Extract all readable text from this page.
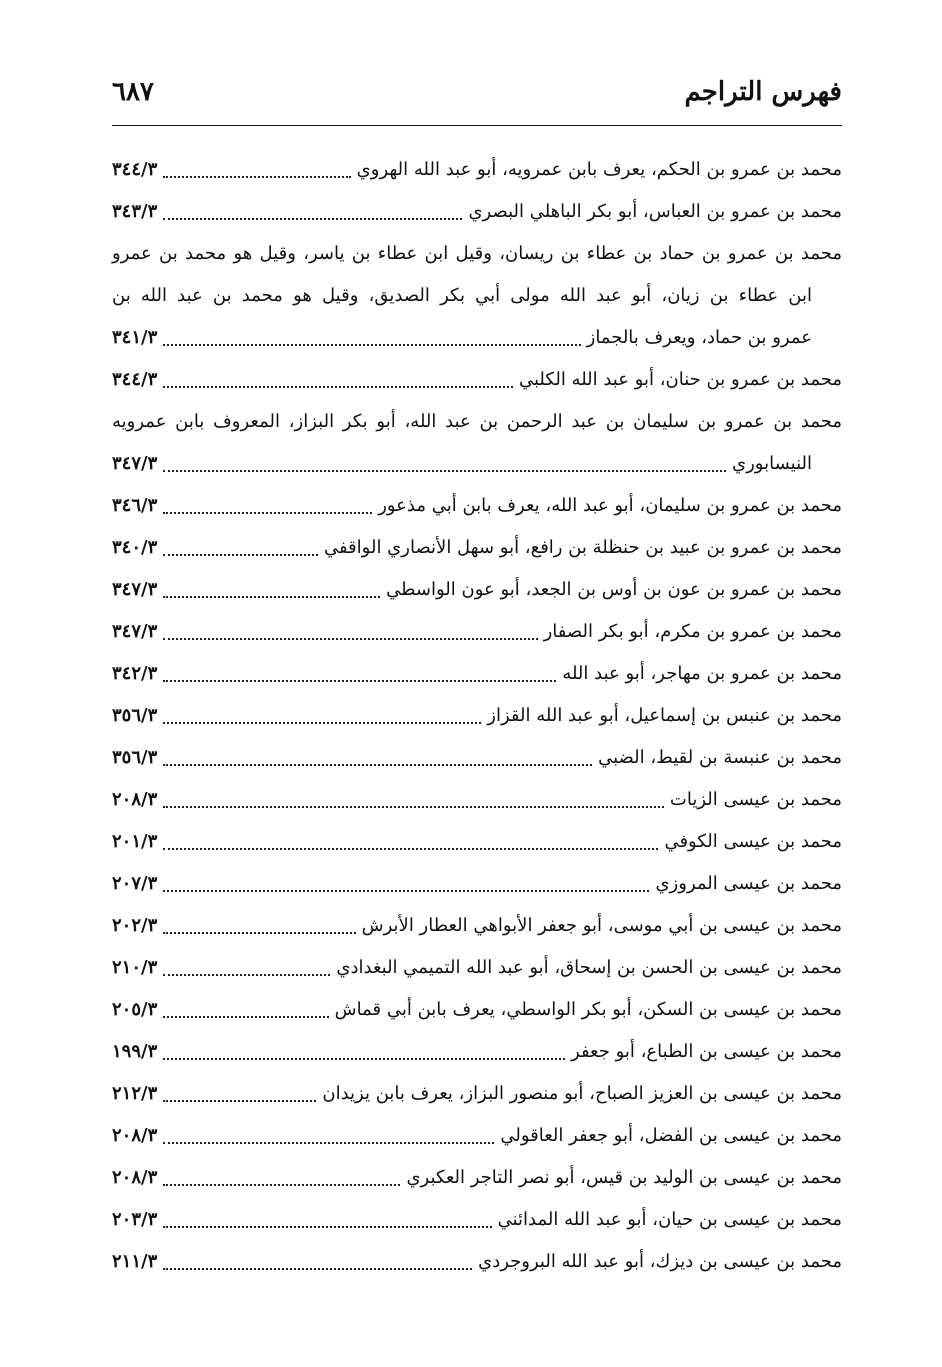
فهرس التراجم
٦٨٧
محمد بن عمرو بن الحكم، يعرف بابن عمرويه، أبو عبد الله الهروي
٣٤٤/٣
محمد بن عمرو بن العباس، أبو بكر الباهلي البصري
٣٤٣/٣
محمد بن عمرو بن حماد بن عطاء بن ريسان، وقيل ابن عطاء بن ياسر، وقيل هو محمد بن عمرو
ابن عطاء بن زيان، أبو عبد الله مولى أبي بكر الصديق، وقيل هو محمد بن عبد الله بن
عمرو بن حماد، ويعرف بالجماز
٣٤١/٣
محمد بن عمرو بن حنان، أبو عبد الله الكلبي
٣٤٤/٣
محمد بن عمرو بن سليمان بن عبد الرحمن بن عبد الله، أبو بكر البزاز، المعروف بابن عمرويه
النيسابوري
٣٤٧/٣
محمد بن عمرو بن سليمان، أبو عبد الله، يعرف بابن أبي مذعور
٣٤٦/٣
محمد بن عمرو بن عبيد بن حنظلة بن رافع، أبو سهل الأنصاري الواقفي
٣٤٠/٣
محمد بن عمرو بن عون بن أوس بن الجعد، أبو عون الواسطي
٣٤٧/٣
محمد بن عمرو بن مكرم، أبو بكر الصفار
٣٤٧/٣
محمد بن عمرو بن مهاجر، أبو عبد الله
٣٤٢/٣
محمد بن عنبس بن إسماعيل، أبو عبد الله القزاز
٣٥٦/٣
محمد بن عنبسة بن لقيط، الضبي
٣٥٦/٣
محمد بن عيسى الزيات
٢٠٨/٣
محمد بن عيسى الكوفي
٢٠١/٣
محمد بن عيسى المروزي
٢٠٧/٣
محمد بن عيسى بن أبي موسى، أبو جعفر الأبواهي العطار الأبرش
٢٠٢/٣
محمد بن عيسى بن الحسن بن إسحاق، أبو عبد الله التميمي البغدادي
٢١٠/٣
محمد بن عيسى بن السكن، أبو بكر الواسطي، يعرف بابن أبي قماش
٢٠٥/٣
محمد بن عيسى بن الطباع، أبو جعفر
١٩٩/٣
محمد بن عيسى بن العزيز الصباح، أبو منصور البزاز، يعرف بابن يزيدان
٢١٢/٣
محمد بن عيسى بن الفضل، أبو جعفر العاقولي
٢٠٨/٣
محمد بن عيسى بن الوليد بن قيس، أبو نصر التاجر العكبري
٢٠٨/٣
محمد بن عيسى بن حيان، أبو عبد الله المدائني
٢٠٣/٣
محمد بن عيسى بن ديزك، أبو عبد الله البروجردي
٢١١/٣
